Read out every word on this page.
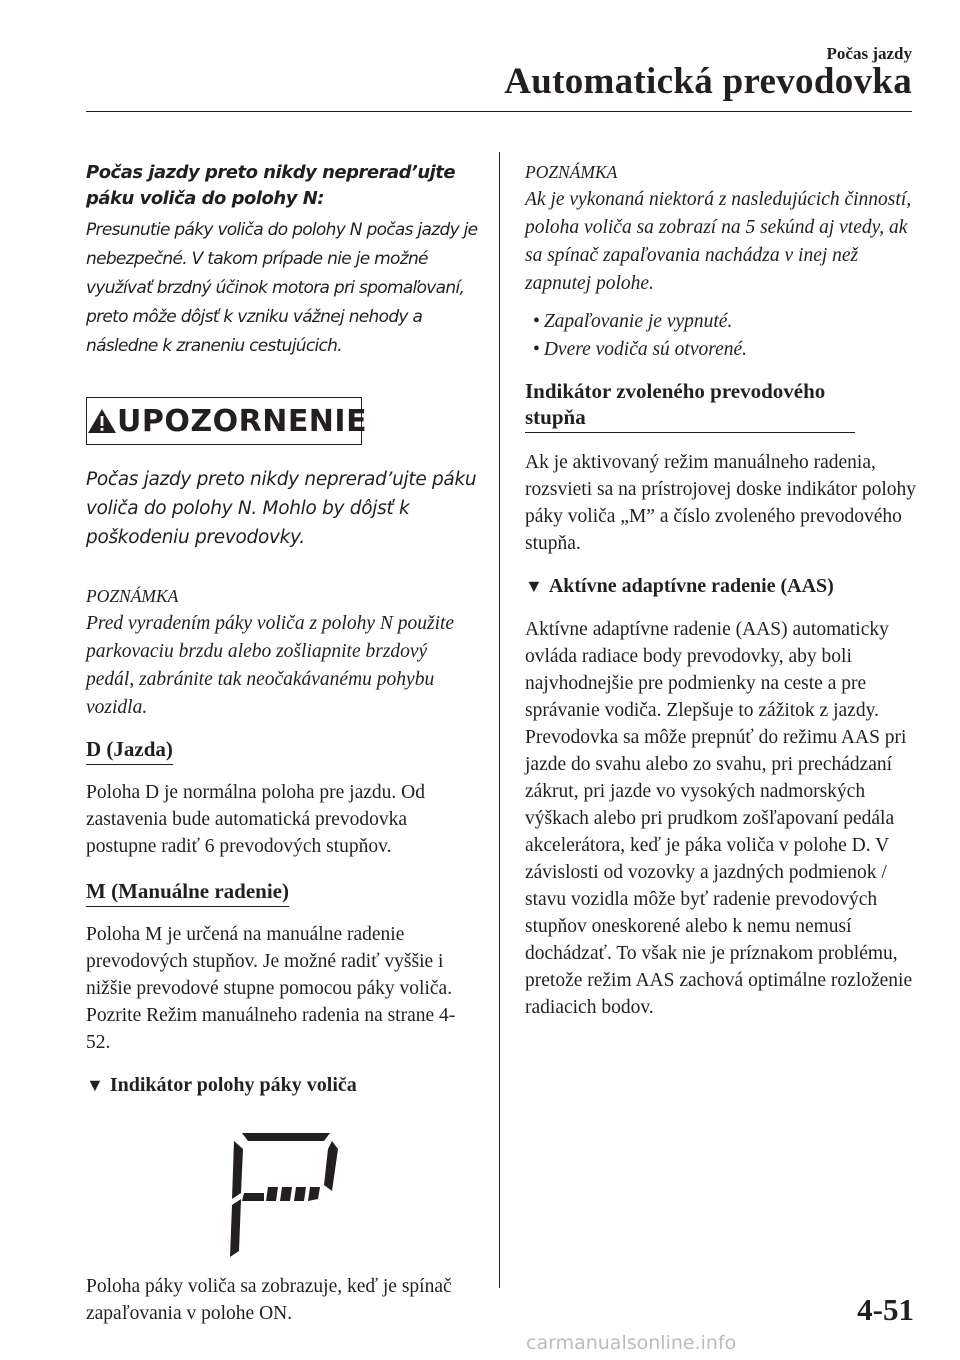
Počas jazdy
Automatická prevodovka

Počas jazdy preto nikdy neprerad’ujte páku voliča do polohy N:

Presunutie páky voliča do polohy N počas jazdy je nebezpečné. V takom prípade nie je možné využívať brzdný účinok motora pri spomaľovaní, preto môže dôjsť k vzniku vážnej nehody a následne k zraneniu cestujúcich.

UPOZORNENIE

Počas jazdy preto nikdy neprerad’ujte páku voliča do polohy N. Mohlo by dôjsť k poškodeniu prevodovky.

POZNÁMKA

Pred vyradením páky voliča z polohy N použite parkovaciu brzdu alebo zošliapnite brzdový pedál, zabránite tak neočakávanému pohybu vozidla.

D (Jazda)

Poloha D je normálna poloha pre jazdu. Od zastavenia bude automatická prevodovka postupne radiť 6 prevodových stupňov.

M (Manuálne radenie)

Poloha M je určená na manuálne radenie prevodových stupňov. Je možné radiť vyššie i nižšie prevodové stupne pomocou páky voliča. Pozrite Režim manuálneho radenia na strane 4-52.

▼ Indikátor polohy páky voliča

Poloha páky voliča sa zobrazuje, keď je spínač zapaľovania v polohe ON.

POZNÁMKA

Ak je vykonaná niektorá z nasledujúcich činností, poloha voliča sa zobrazí na 5 sekúnd aj vtedy, ak sa spínač zapaľovania nachádza v inej než zapnutej polohe.

• Zapaľovanie je vypnuté.
• Dvere vodiča sú otvorené.
Indikátor zvoleného prevodového stupňa

Ak je aktivovaný režim manuálneho radenia, rozsvieti sa na prístrojovej doske indikátor polohy páky voliča „M” a číslo zvoleného prevodového stupňa.

▼ Aktívne adaptívne radenie (AAS)

Aktívne adaptívne radenie (AAS) automaticky ovláda radiace body prevodovky, aby boli najvhodnejšie pre podmienky na ceste a pre správanie vodiča. Zlepšuje to zážitok z jazdy. Prevodovka sa môže prepnúť do režimu AAS pri jazde do svahu alebo zo svahu, pri prechádzaní zákrut, pri jazde vo vysokých nadmorských výškach alebo pri prudkom zošľapovaní pedála akcelerátora, keď je páka voliča v polohe D. V závislosti od vozovky a jazdných podmienok / stavu vozidla môže byť radenie prevodových stupňov oneskorené alebo k nemu nemusí dochádzať. To však nie je príznakom problému, pretože režim AAS zachová optimálne rozloženie radiacich bodov.

4-51
carmanualsonline.info
